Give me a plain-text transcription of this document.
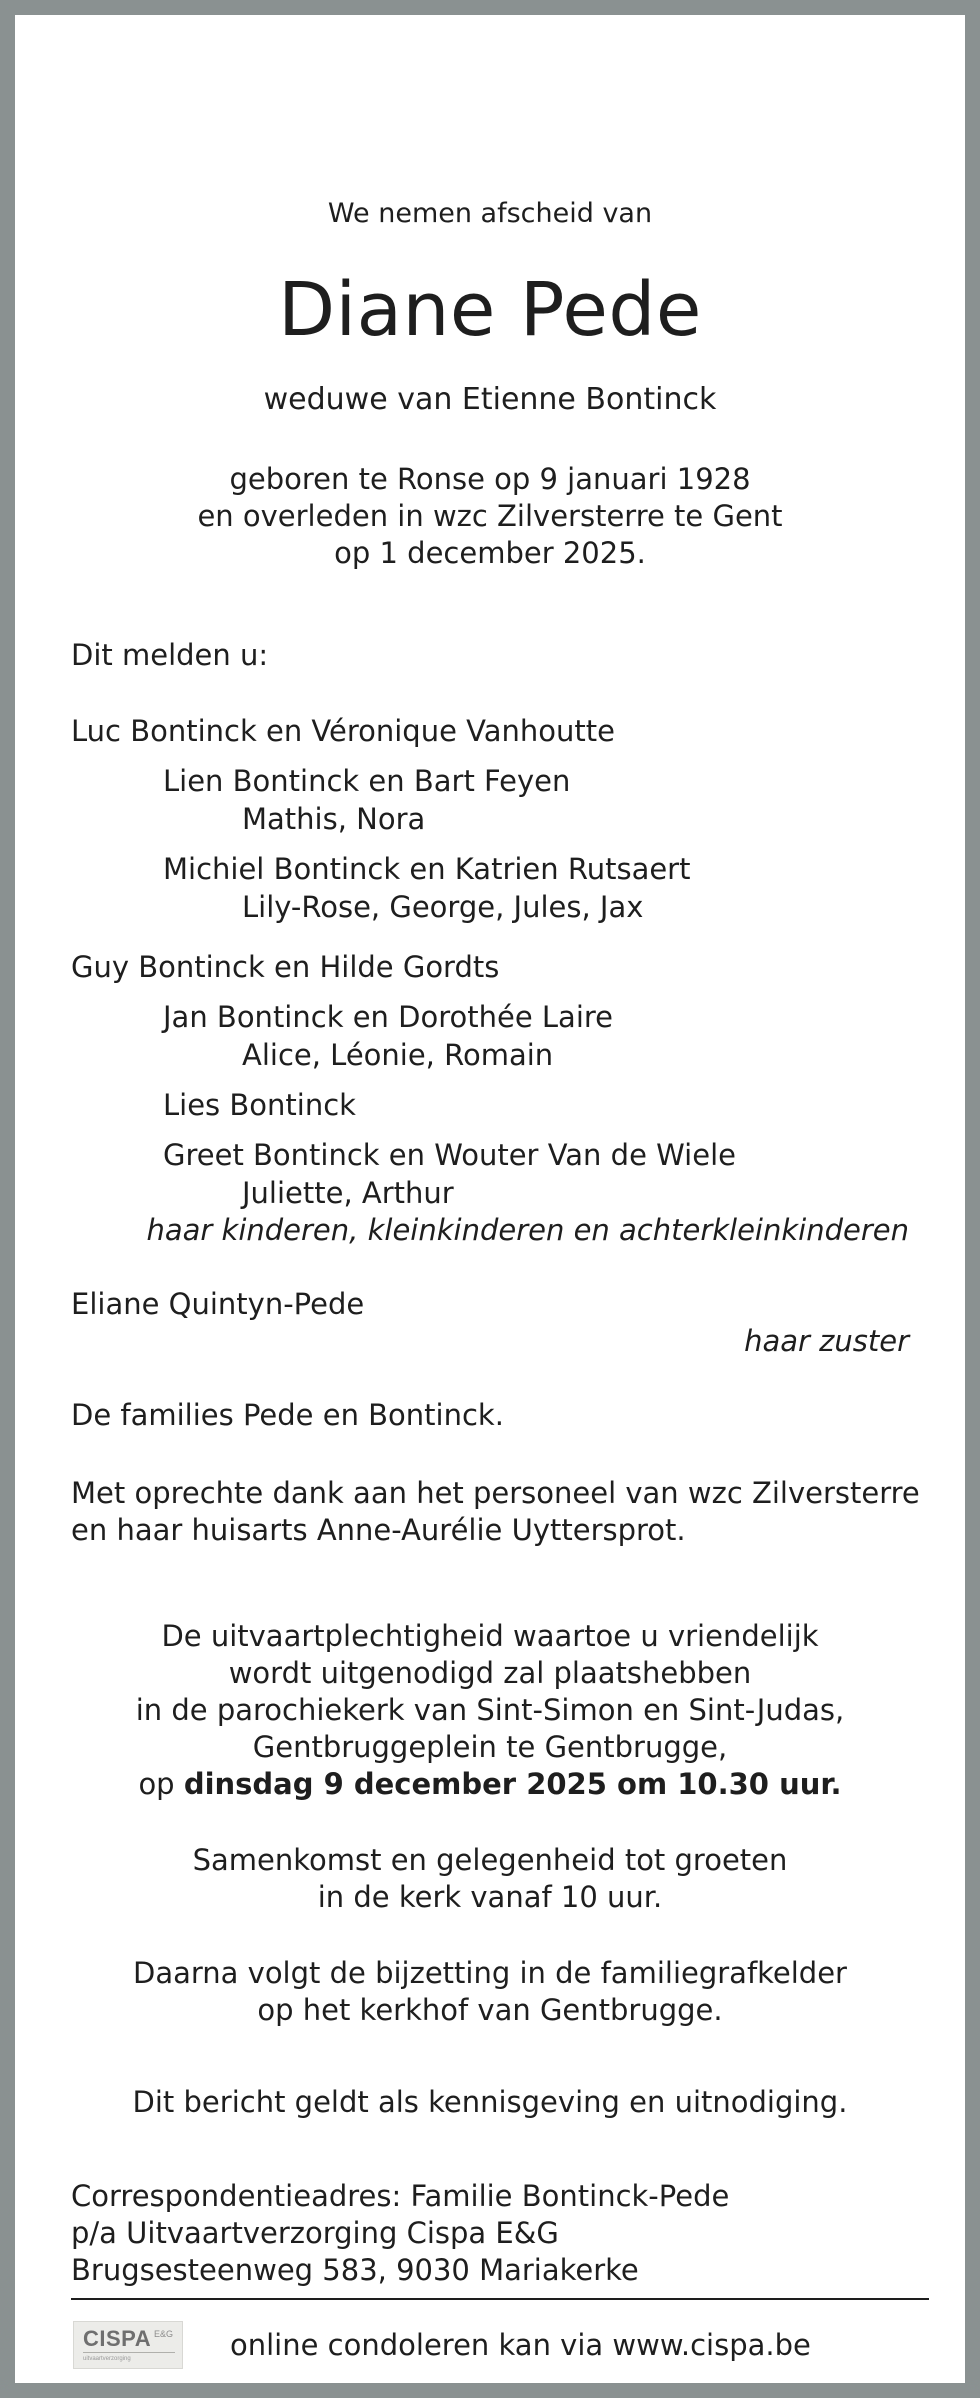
We nemen afscheid van
Diane Pede
weduwe van Etienne Bontinck
geboren te Ronse op 9 januari 1928
en overleden in wzc Zilversterre te Gent
op 1 december 2025.
Dit melden u:
Luc Bontinck en Véronique Vanhoutte
Lien Bontinck en Bart Feyen
Mathis, Nora
Michiel Bontinck en Katrien Rutsaert
Lily-Rose, George, Jules, Jax
Guy Bontinck en Hilde Gordts
Jan Bontinck en Dorothée Laire
Alice, Léonie, Romain
Lies Bontinck
Greet Bontinck en Wouter Van de Wiele
Juliette, Arthur
haar kinderen, kleinkinderen en achterkleinkinderen
Eliane Quintyn-Pede
haar zuster
De families Pede en Bontinck.
Met oprechte dank aan het personeel van wzc Zilversterre
en haar huisarts Anne-Aurélie Uyttersprot.
De uitvaartplechtigheid waartoe u vriendelijk
wordt uitgenodigd zal plaatshebben
in de parochiekerk van Sint-Simon en Sint-Judas,
Gentbruggeplein te Gentbrugge,
op dinsdag 9 december 2025 om 10.30 uur.
Samenkomst en gelegenheid tot groeten
in de kerk vanaf 10 uur.
Daarna volgt de bijzetting in de familiegrafkelder
op het kerkhof van Gentbrugge.
Dit bericht geldt als kennisgeving en uitnodiging.
Correspondentieadres: Familie Bontinck-Pede
p/a Uitvaartverzorging Cispa E&G
Brugsesteenweg 583, 9030 Mariakerke
CISPA E&G
uitvaartverzorging	online condoleren kan via www.cispa.be
